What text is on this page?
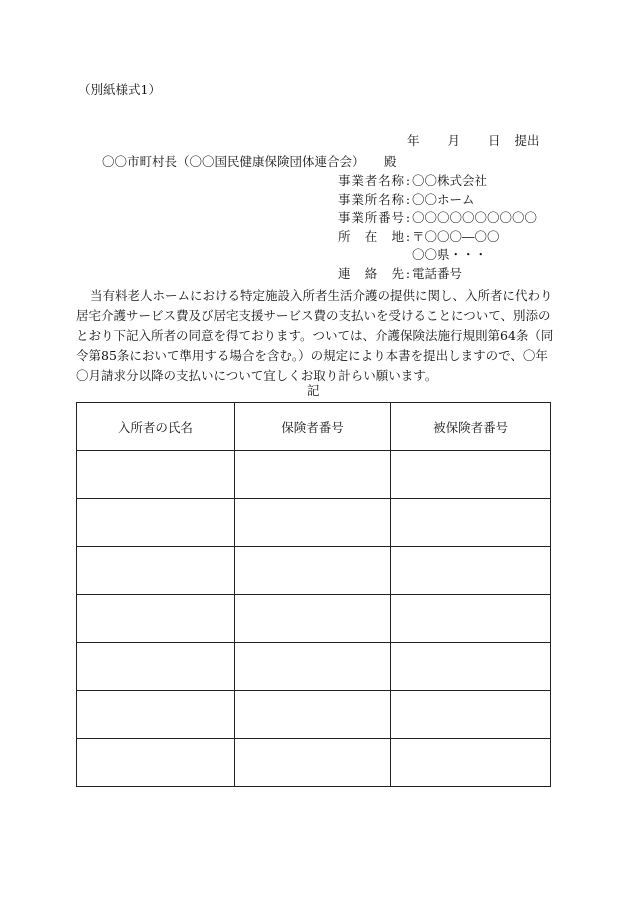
（別紙様式1）
年 月 日 提出
〇〇市町村長（〇〇国民健康保険団体連合会） 殿
事業者名称 : 〇〇株式会社
事業所名称 : 〇〇ホーム
事業所番号 : 〇〇〇〇〇〇〇〇〇〇
所 在 地 : 〒〇〇〇―〇〇
〇〇県・・・
連 絡 先 : 電話番号
当有料老人ホームにおける特定施設入所者生活介護の提供に関し、入所者に代わり居宅介護サービス費及び居宅支援サービス費の支払いを受けることについて、別添のとおり下記入所者の同意を得ております。ついては、介護保険法施行規則第64条（同令第85条において準用する場合を含む。）の規定により本書を提出しますので、〇年〇月請求分以降の支払いについて宜しくお取り計らい願います。
記
入所者の氏名	保険者番号	被保険者番号
